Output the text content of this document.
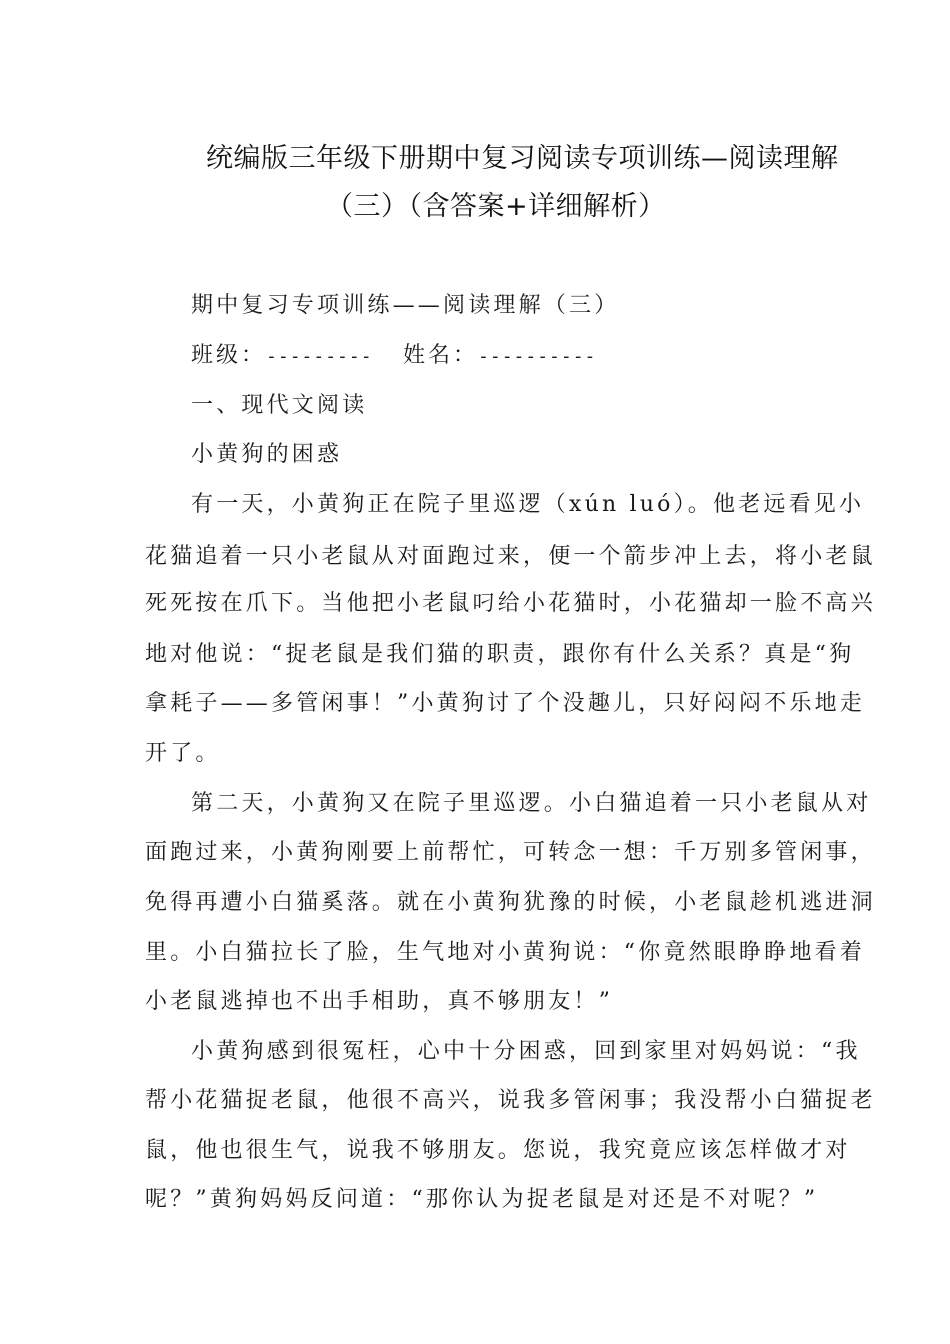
统编版三年级下册期中复习阅读专项训练—阅读理解
（三）（含答案+详细解析）
期中复习专项训练——阅读理解（三）
班级：--------- 姓名：----------
一、现代文阅读
小黄狗的困惑
有一天，小黄狗正在院子里巡逻（xún luó）。他老远看见小
花猫追着一只小老鼠从对面跑过来，便一个箭步冲上去，将小老鼠
死死按在爪下。当他把小老鼠叼给小花猫时，小花猫却一脸不高兴
地对他说：“捉老鼠是我们猫的职责，跟你有什么关系？真是“狗
拿耗子——多管闲事！”小黄狗讨了个没趣儿，只好闷闷不乐地走
开了。
第二天，小黄狗又在院子里巡逻。小白猫追着一只小老鼠从对
面跑过来，小黄狗刚要上前帮忙，可转念一想：千万别多管闲事，
免得再遭小白猫奚落。就在小黄狗犹豫的时候，小老鼠趁机逃进洞
里。小白猫拉长了脸，生气地对小黄狗说：“你竟然眼睁睁地看着
小老鼠逃掉也不出手相助，真不够朋友！”
小黄狗感到很冤枉，心中十分困惑，回到家里对妈妈说：“我
帮小花猫捉老鼠，他很不高兴，说我多管闲事；我没帮小白猫捉老
鼠，他也很生气，说我不够朋友。您说，我究竟应该怎样做才对
呢？”黄狗妈妈反问道：“那你认为捉老鼠是对还是不对呢？”
